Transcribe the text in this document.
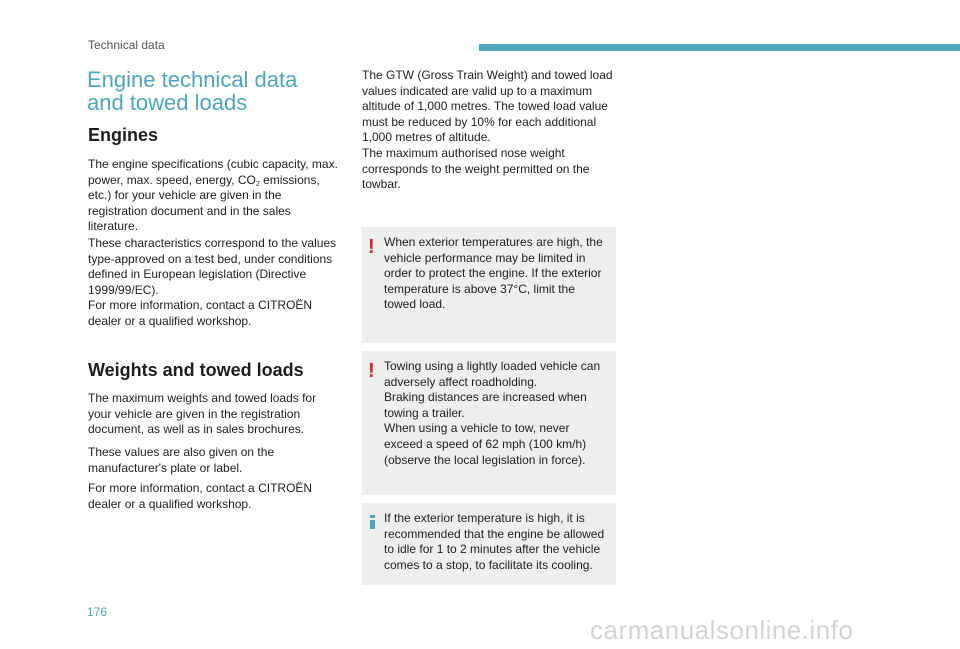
Technical data
Engine technical data
and towed loads
Engines

The engine specifications (cubic capacity, max. power, max. speed, energy, $CO_2$ emissions, etc.) for your vehicle are given in the registration document and in the sales literature.

These characteristics correspond to the values type-approved on a test bed, under conditions defined in European legislation (Directive 1999/99/EC).

For more information, contact a CITROËN dealer or a qualified workshop.

Weights and towed loads

The maximum weights and towed loads for your vehicle are given in the registration document, as well as in sales brochures.

These values are also given on the manufacturer's plate or label.

For more information, contact a CITROËN dealer or a qualified workshop.

The GTW (Gross Train Weight) and towed load values indicated are valid up to a maximum altitude of 1,000 metres. The towed load value must be reduced by 10% for each additional 1,000 metres of altitude.

The maximum authorised nose weight corresponds to the weight permitted on the towbar.

! When exterior temperatures are high, the vehicle performance may be limited in order to protect the engine. If the exterior temperature is above 37°C, limit the towed load.

! Towing using a lightly loaded vehicle can adversely affect roadholding.

Braking distances are increased when towing a trailer.

When using a vehicle to tow, never exceed a speed of 62 mph (100 km/h) (observe the local legislation in force).

If the exterior temperature is high, it is recommended that the engine be allowed to idle for 1 to 2 minutes after the vehicle comes to a stop, to facilitate its cooling.

176
carmanualsonline.info
